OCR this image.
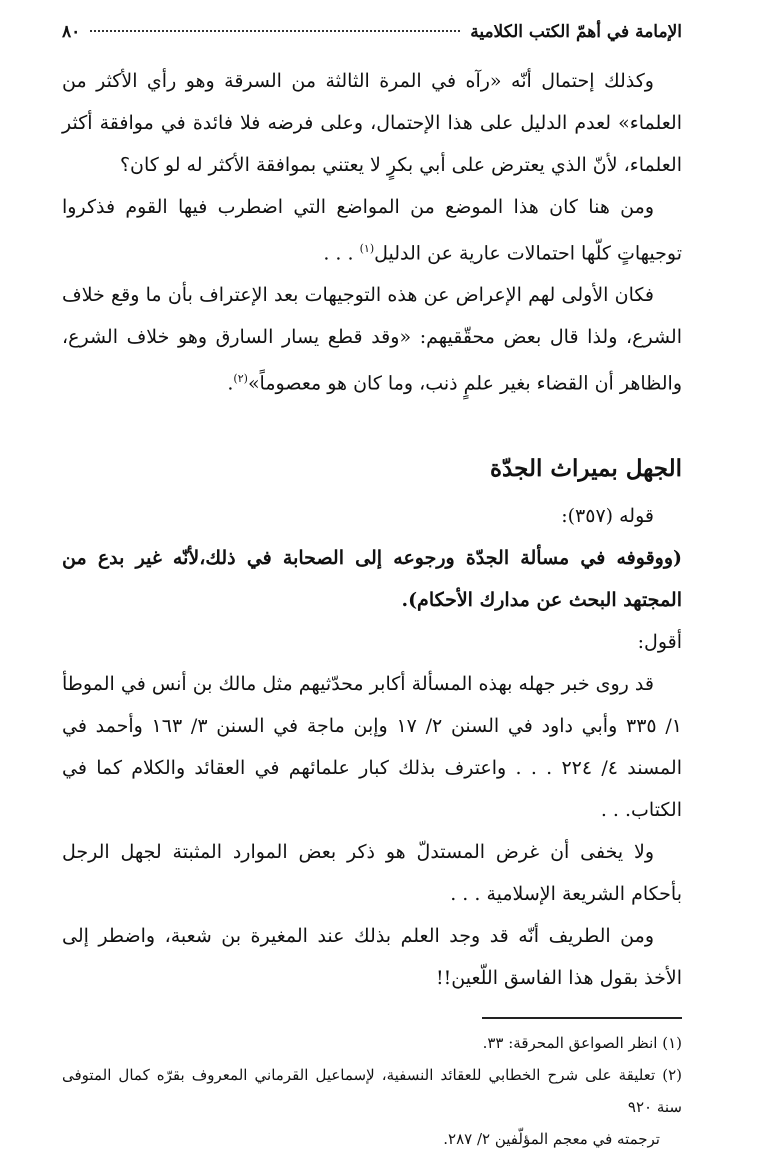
الإمامة في أهمّ الكتب الكلامية
٨٠

وكذلك إحتمال أنّه «رآه في المرة الثالثة من السرقة وهو رأي الأكثر من العلماء» لعدم الدليل على هذا الإحتمال، وعلى فرضه فلا فائدة في موافقة أكثر العلماء، لأنّ الذي يعترض على أبي بكرٍ لا يعتني بموافقة الأكثر له لو كان؟

ومن هنا كان هذا الموضع من المواضع التي اضطرب فيها القوم فذكروا توجيهاتٍ كلّها احتمالات عارية عن الدليل$^{(١)}$ . . .

فكان الأولى لهم الإعراض عن هذه التوجيهات بعد الإعتراف بأن ما وقع خلاف الشرع، ولذا قال بعض محقّقيهم: «وقد قطع يسار السارق وهو خلاف الشرع، والظاهر أن القضاء بغير علمٍ ذنب، وما كان هو معصوماً»$^{(٢)}$.

الجهل بميراث الجدّة

قوله (٣٥٧):

(ووقوفه في مسألة الجدّة ورجوعه إلى الصحابة في ذلك،لأنّه غير بدع من المجتهد البحث عن مدارك الأحكام).

أقول:

قد روى خبر جهله بهذه المسألة أكابر محدّثيهم مثل مالك بن أنس في الموطأ ١/ ٣٣٥ وأبي داود في السنن ٢/ ١٧ وإبن ماجة في السنن ٣/ ١٦٣ وأحمد في المسند ٤/ ٢٢٤ . . . واعترف بذلك كبار علمائهم في العقائد والكلام كما في الكتاب. . .

ولا يخفى أن غرض المستدلّ هو ذكر بعض الموارد المثبتة لجهل الرجل بأحكام الشريعة الإسلامية . . .

ومن الطريف أنّه قد وجد العلم بذلك عند المغيرة بن شعبة، واضطر إلى الأخذ بقول هذا الفاسق اللّعين!!

(١) انظر الصواعق المحرقة: ٣٣.

(٢) تعليقة على شرح الخطابي للعقائد النسفية، لإسماعيل القرماني المعروف بقرّه كمال المتوفى سنة ٩٢٠

ترجمته في معجم المؤلّفين ٢/ ٢٨٧.
